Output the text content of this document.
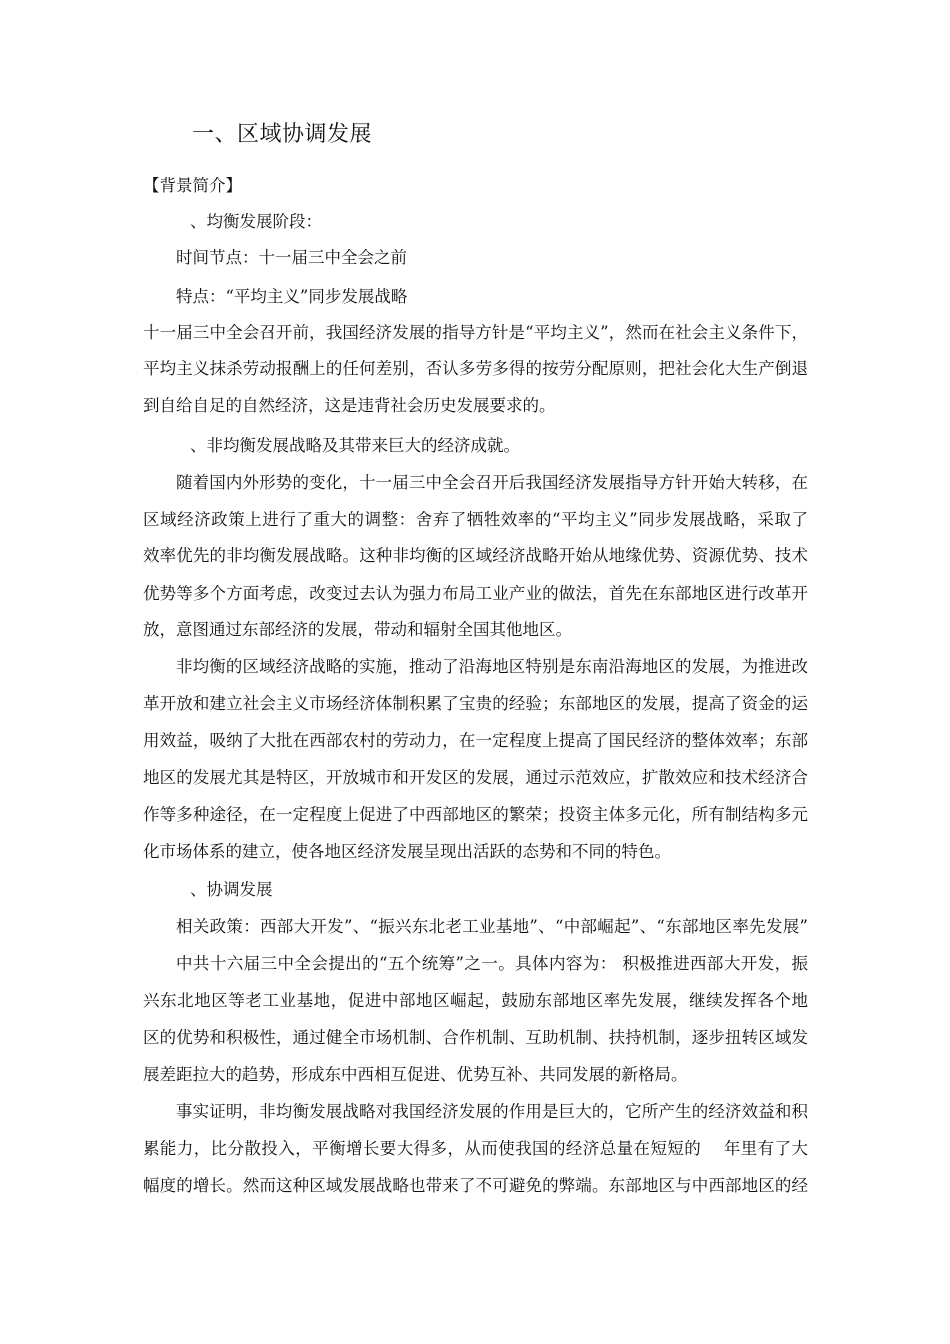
一、区域协调发展
【背景简介】
、均衡发展阶段：
时间节点：十一届三中全会之前
特点：“平均主义”同步发展战略
十一届三中全会召开前，我国经济发展的指导方针是“平均主义”，然而在社会主义条件下，
平均主义抹杀劳动报酬上的任何差别，否认多劳多得的按劳分配原则，把社会化大生产倒退
到自给自足的自然经济，这是违背社会历史发展要求的。
、非均衡发展战略及其带来巨大的经济成就。
随着国内外形势的变化，十一届三中全会召开后我国经济发展指导方针开始大转移，在
区域经济政策上进行了重大的调整：舍弃了牺牲效率的“平均主义”同步发展战略，采取了
效率优先的非均衡发展战略。这种非均衡的区域经济战略开始从地缘优势、资源优势、技术
优势等多个方面考虑，改变过去认为强力布局工业产业的做法，首先在东部地区进行改革开
放，意图通过东部经济的发展，带动和辐射全国其他地区。
非均衡的区域经济战略的实施，推动了沿海地区特别是东南沿海地区的发展，为推进改
革开放和建立社会主义市场经济体制积累了宝贵的经验；东部地区的发展，提高了资金的运
用效益，吸纳了大批在西部农村的劳动力，在一定程度上提高了国民经济的整体效率；东部
地区的发展尤其是特区，开放城市和开发区的发展，通过示范效应，扩散效应和技术经济合
作等多种途径，在一定程度上促进了中西部地区的繁荣；投资主体多元化，所有制结构多元
化市场体系的建立，使各地区经济发展呈现出活跃的态势和不同的特色。
、协调发展
相关政策：西部大开发”、“振兴东北老工业基地”、“中部崛起”、“东部地区率先发展”
中共十六届三中全会提出的“五个统筹”之一。具体内容为： 积极推进西部大开发，振
兴东北地区等老工业基地，促进中部地区崛起，鼓励东部地区率先发展，继续发挥各个地
区的优势和积极性，通过健全市场机制、合作机制、互助机制、扶持机制，逐步扭转区域发
展差距拉大的趋势，形成东中西相互促进、优势互补、共同发展的新格局。
事实证明，非均衡发展战略对我国经济发展的作用是巨大的，它所产生的经济效益和积
累能力，比分散投入，平衡增长要大得多，从而使我国的经济总量在短短的    年里有了大
幅度的增长。然而这种区域发展战略也带来了不可避免的弊端。东部地区与中西部地区的经
